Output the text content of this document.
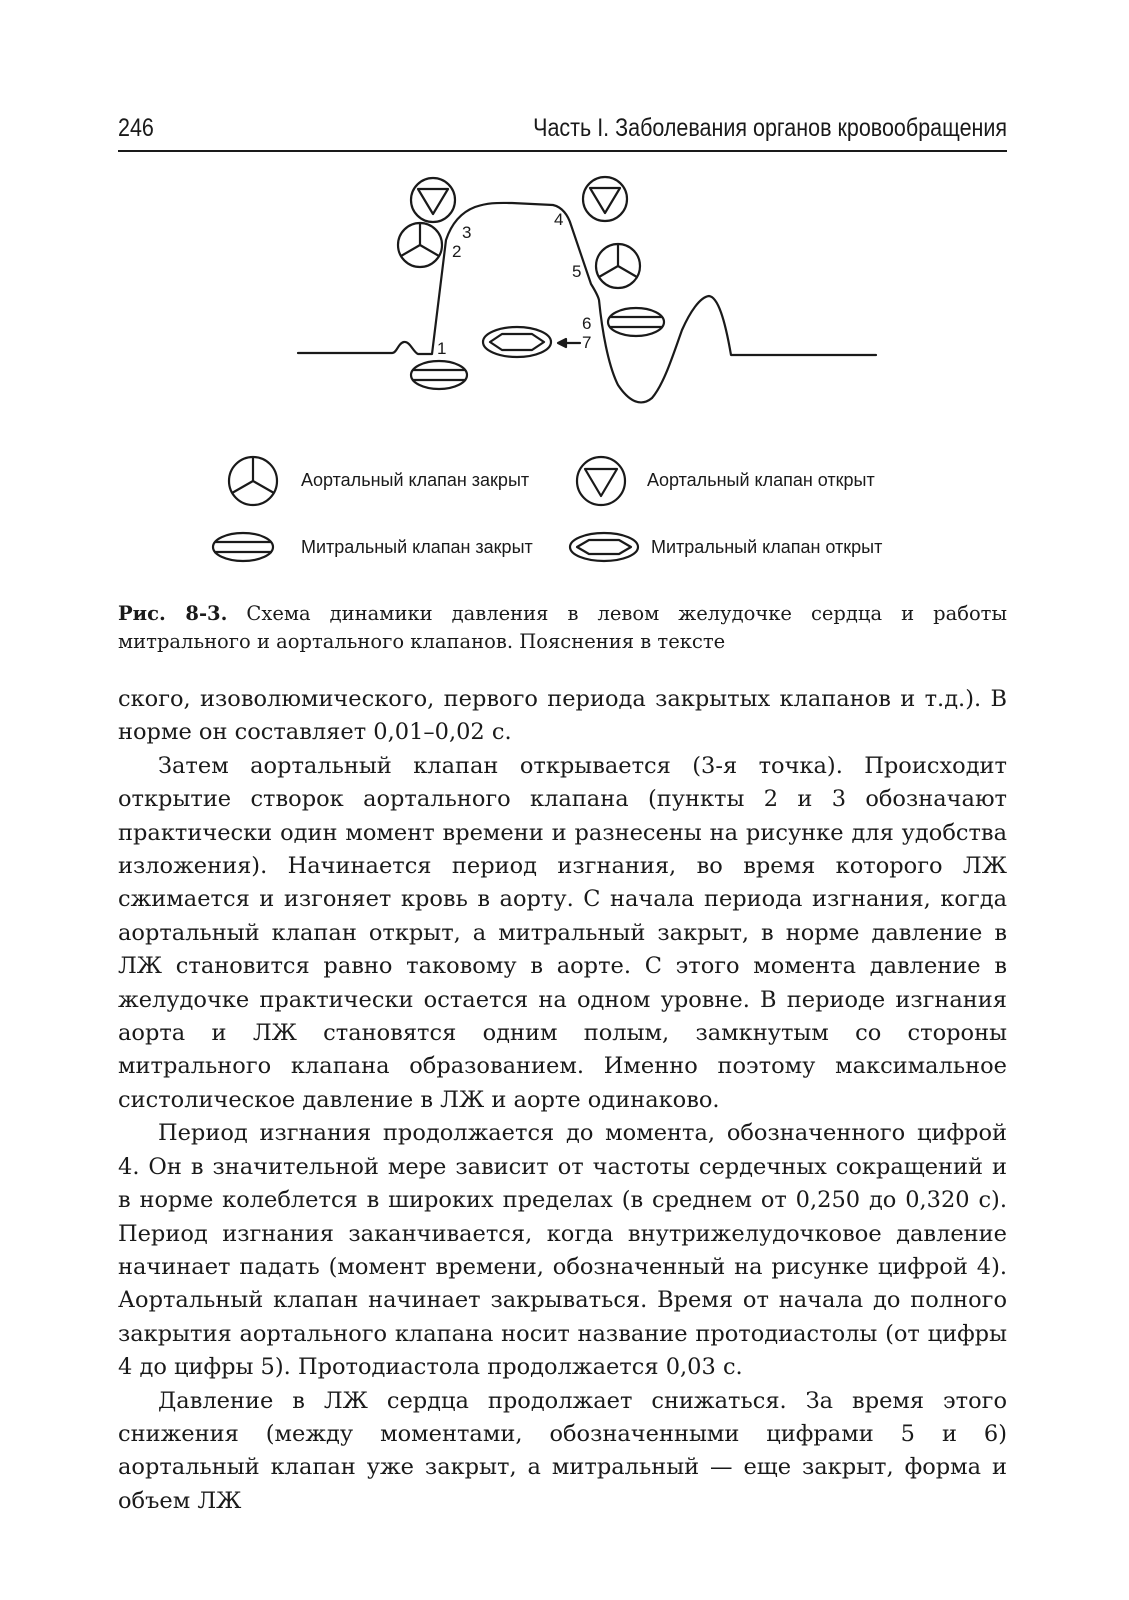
246	Часть I. Заболевания органов кровообращения
1
2
3
4
5
6
7
Аортальный клапан закрыт	Аортальный клапан открыт
Митральный клапан закрыт	Митральный клапан открыт
Рис. 8-3. Схема динамики давления в левом желудочке сердца и работы митрального и аортального клапанов. Пояснения в тексте

ского, изоволюмического, первого периода закрытых клапанов и т.д.). В норме он составляет 0,01–0,02 с.

Затем аортальный клапан открывается (3-я точка). Происходит открытие створок аортального клапана (пункты 2 и 3 обозначают практически один момент времени и разнесены на рисунке для удобства изложения). Начинается период изгнания, во время которого ЛЖ сжимается и изгоняет кровь в аорту. С начала периода изгнания, когда аортальный клапан открыт, а митральный закрыт, в норме давление в ЛЖ становится равно таковому в аорте. С этого момента давление в желудочке практически остается на одном уровне. В периоде изгнания аорта и ЛЖ становятся одним полым, замкнутым со стороны митрального клапана образованием. Именно поэтому максимальное систолическое давление в ЛЖ и аорте одинаково.

Период изгнания продолжается до момента, обозначенного цифрой 4. Он в значительной мере зависит от частоты сердечных сокращений и в норме колеблется в широких пределах (в среднем от 0,250 до 0,320 с). Период изгнания заканчивается, когда внутрижелудочковое давление начинает падать (момент времени, обозначенный на рисунке цифрой 4). Аортальный клапан начинает закрываться. Время от начала до полного закрытия аортального клапана носит название протодиастолы (от цифры 4 до цифры 5). Протодиастола продолжается 0,03 с.

Давление в ЛЖ сердца продолжает снижаться. За время этого снижения (между моментами, обозначенными цифрами 5 и 6) аортальный клапан уже закрыт, а митральный — еще закрыт, форма и объем ЛЖ
